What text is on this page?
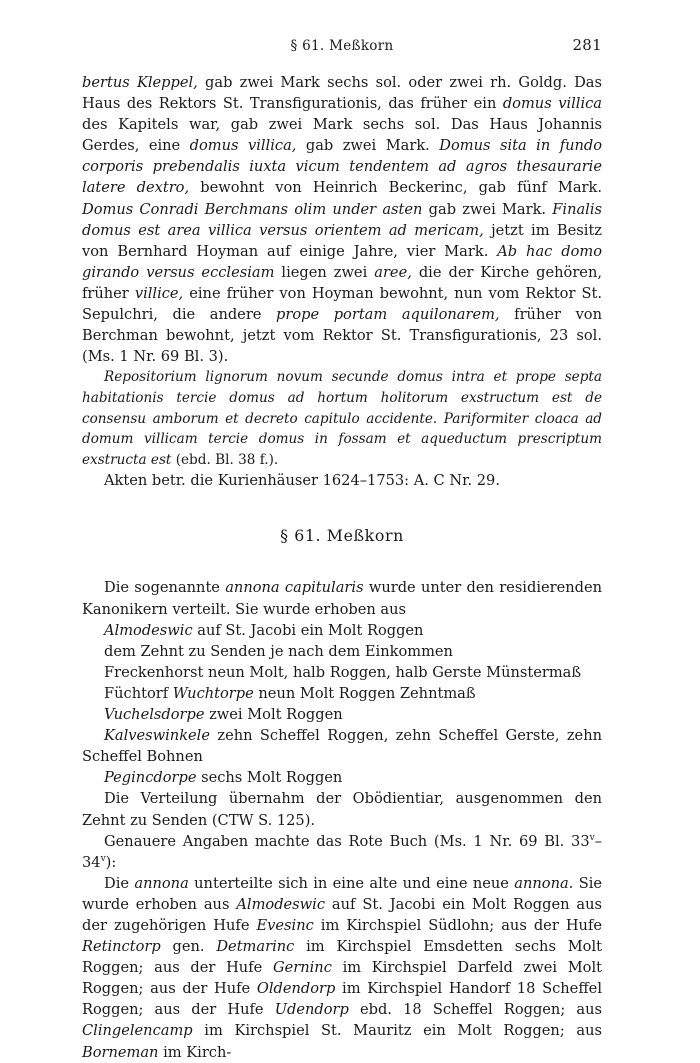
§ 61. Meßkorn	281

bertus Kleppel, gab zwei Mark sechs sol. oder zwei rh. Goldg. Das Haus des Rektors St. Transfigurationis, das früher ein domus villica des Kapitels war, gab zwei Mark sechs sol. Das Haus Johannis Gerdes, eine domus villica, gab zwei Mark. Domus sita in fundo corporis prebendalis iuxta vicum tendentem ad agros thesaurarie latere dextro, bewohnt von Heinrich Beckerinc, gab fünf Mark. Domus Conradi Berchmans olim under asten gab zwei Mark. Finalis domus est area villica versus orientem ad mericam, jetzt im Besitz von Bernhard Hoyman auf einige Jahre, vier Mark. Ab hac domo girando versus ecclesiam liegen zwei aree, die der Kirche gehören, früher villice, eine früher von Hoyman bewohnt, nun vom Rektor St. Sepulchri, die andere prope portam aquilonarem, früher von Berchman bewohnt, jetzt vom Rektor St. Transfigurationis, 23 sol. (Ms. 1 Nr. 69 Bl. 3).

Repositorium lignorum novum secunde domus intra et prope septa habitationis tercie domus ad hortum holitorum exstructum est de consensu amborum et decreto capitulo accidente. Pariformiter cloaca ad domum villicam tercie domus in fossam et aqueductum prescriptum exstructa est (ebd. Bl. 38 f.).

Akten betr. die Kurienhäuser 1624–1753: A. C Nr. 29.

§ 61. Meßkorn

Die sogenannte annona capitularis wurde unter den residierenden Kanonikern verteilt. Sie wurde erhoben aus

Almodeswic auf St. Jacobi ein Molt Roggen

dem Zehnt zu Senden je nach dem Einkommen

Freckenhorst neun Molt, halb Roggen, halb Gerste Münstermaß

Füchtorf Wuchtorpe neun Molt Roggen Zehntmaß

Vuchelsdorpe zwei Molt Roggen

Kalveswinkele zehn Scheffel Roggen, zehn Scheffel Gerste, zehn Scheffel Bohnen

Pegincdorpe sechs Molt Roggen

Die Verteilung übernahm der Obödientiar, ausgenommen den Zehnt zu Senden (CTW S. 125).

Genauere Angaben machte das Rote Buch (Ms. 1 Nr. 69 Bl. 33$^v$–34$^v$):

Die annona unterteilte sich in eine alte und eine neue annona. Sie wurde erhoben aus Almodeswic auf St. Jacobi ein Molt Roggen aus der zugehörigen Hufe Evesinc im Kirchspiel Südlohn; aus der Hufe Retinctorp gen. Detmarinc im Kirchspiel Emsdetten sechs Molt Roggen; aus der Hufe Gerninc im Kirchspiel Darfeld zwei Molt Roggen; aus der Hufe Oldendorp im Kirchspiel Handorf 18 Scheffel Roggen; aus der Hufe Udendorp ebd. 18 Scheffel Roggen; aus Clingelencamp im Kirchspiel St. Mauritz ein Molt Roggen; aus Borneman im Kirch-
